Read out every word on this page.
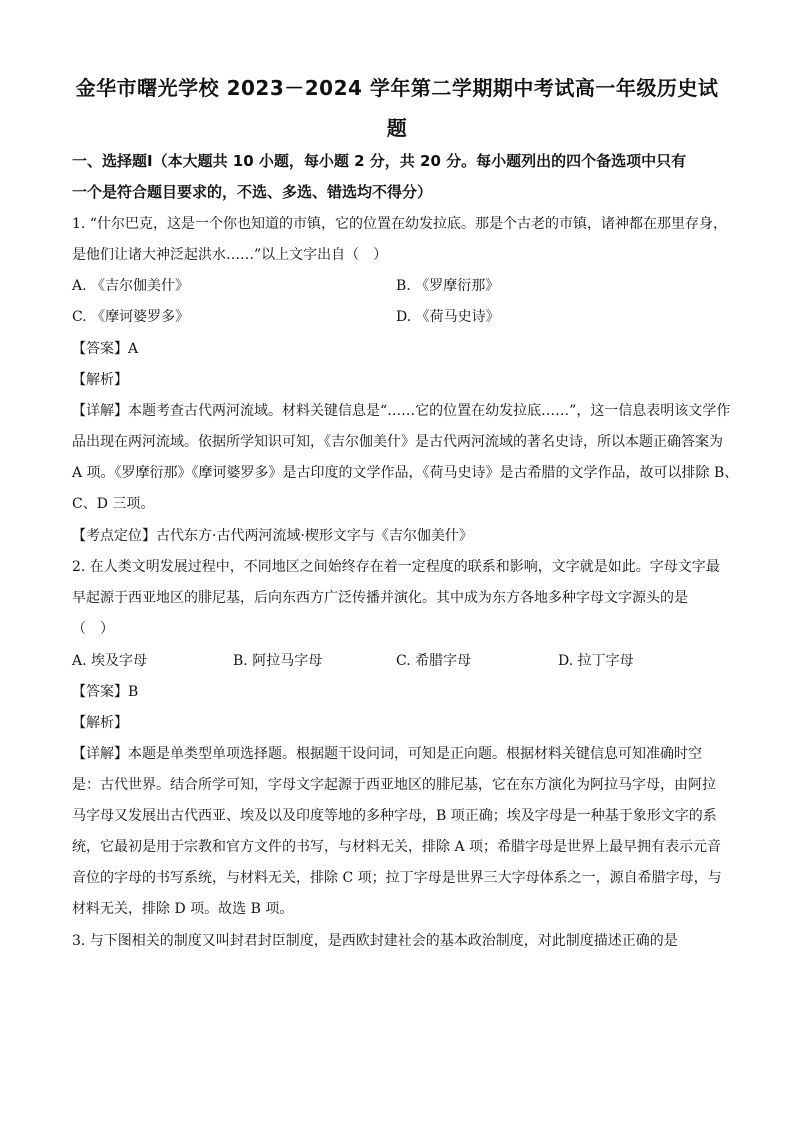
金华市曙光学校 2023－2024 学年第二学期期中考试高一年级历史试
题
一、选择题Ⅰ（本大题共 10 小题，每小题 2 分，共 20 分。每小题列出的四个备选项中只有
一个是符合题目要求的，不选、多选、错选均不得分）
1. “什尔巴克，这是一个你也知道的市镇，它的位置在幼发拉底。那是个古老的市镇，诸神都在那里存身，
是他们让诸大神泛起洪水……”以上文字出自（　）
A. 《吉尔伽美什》	B. 《罗摩衍那》
C. 《摩诃婆罗多》	D. 《荷马史诗》
【答案】A
【解析】
【详解】本题考查古代两河流域。材料关键信息是“……它的位置在幼发拉底……”，这一信息表明该文学作
品出现在两河流域。依据所学知识可知，《吉尔伽美什》是古代两河流域的著名史诗，所以本题正确答案为
A 项。《罗摩衍那》《摩诃婆罗多》是古印度的文学作品，《荷马史诗》是古希腊的文学作品，故可以排除 B、
C、D 三项。
【考点定位】古代东方·古代两河流域·楔形文字与《吉尔伽美什》
2. 在人类文明发展过程中，不同地区之间始终存在着一定程度的联系和影响，文字就是如此。字母文字最
早起源于西亚地区的腓尼基，后向东西方广泛传播并演化。其中成为东方各地多种字母文字源头的是
（　）
A. 埃及字母	B. 阿拉马字母	C. 希腊字母	D. 拉丁字母
【答案】B
【解析】
【详解】本题是单类型单项选择题。根据题干设问词，可知是正向题。根据材料关键信息可知准确时空
是：古代世界。结合所学可知，字母文字起源于西亚地区的腓尼基，它在东方演化为阿拉马字母，由阿拉
马字母又发展出古代西亚、埃及以及印度等地的多种字母，B 项正确；埃及字母是一种基于象形文字的系
统，它最初是用于宗教和官方文件的书写，与材料无关，排除 A 项；希腊字母是世界上最早拥有表示元音
音位的字母的书写系统，与材料无关，排除 C 项；拉丁字母是世界三大字母体系之一，源自希腊字母，与
材料无关，排除 D 项。故选 B 项。
3. 与下图相关的制度又叫封君封臣制度，是西欧封建社会的基本政治制度，对此制度描述正确的是
